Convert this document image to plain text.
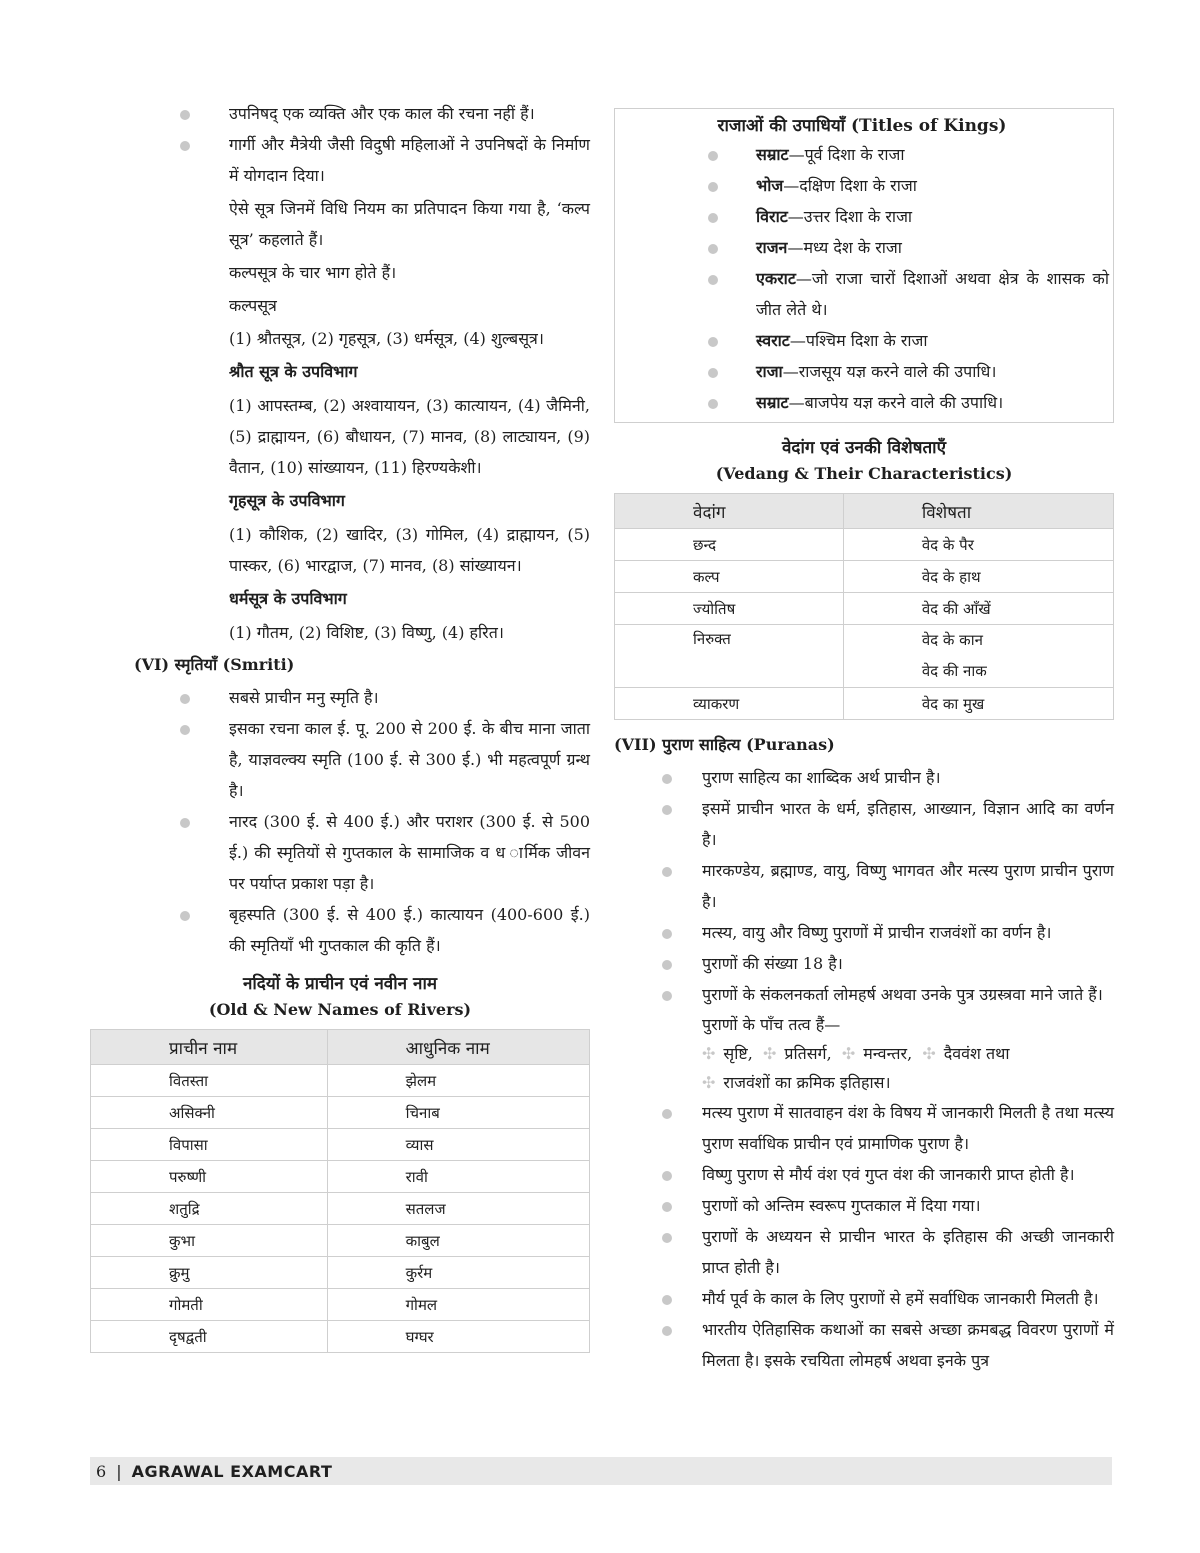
उपनिषद् एक व्यक्ति और एक काल की रचना नहीं हैं।
गार्गी और मैत्रेयी जैसी विदुषी महिलाओं ने उपनिषदों के निर्माण में योगदान दिया।

ऐसे सूत्र जिनमें विधि नियम का प्रतिपादन किया गया है, ‘कल्प सूत्र’ कहलाते हैं।

कल्पसूत्र के चार भाग होते हैं।

कल्पसूत्र

(1) श्रौतसूत्र, (2) गृहसूत्र, (3) धर्मसूत्र, (4) शुल्बसूत्र।

श्रौत सूत्र के उपविभाग

(1) आपस्तम्ब, (2) अश्वायायन, (3) कात्यायन, (4) जैमिनी, (5) द्राह्मायन, (6) बौधायन, (7) मानव, (8) लाट्यायन, (9) वैतान, (10) सांख्यायन, (11) हिरण्यकेशी।

गृहसूत्र के उपविभाग

(1) कौशिक, (2) खादिर, (3) गोमिल, (4) द्राह्मायन, (5) पास्कर, (6) भारद्वाज, (7) मानव, (8) सांख्यायन।

धर्मसूत्र के उपविभाग

(1) गौतम, (2) विशिष्ट, (3) विष्णु, (4) हरित।

(VI) स्मृतियाँ (Smriti)
सबसे प्राचीन मनु स्मृति है।
इसका रचना काल ई. पू. 200 से 200 ई. के बीच माना जाता है, याज्ञवल्क्य स्मृति (100 ई. से 300 ई.) भी महत्वपूर्ण ग्रन्थ है।
नारद (300 ई. से 400 ई.) और पराशर (300 ई. से 500 ई.) की स्मृतियों से गुप्तकाल के सामाजिक व ध ार्मिक जीवन पर पर्याप्त प्रकाश पड़ा है।
बृहस्पति (300 ई. से 400 ई.) कात्यायन (400-600 ई.) की स्मृतियाँ भी गुप्तकाल की कृति हैं।
नदियों के प्राचीन एवं नवीन नाम
(Old & New Names of Rivers)
प्राचीन नाम	आधुनिक नाम
वितस्ता	झेलम
असिक्नी	चिनाब
विपासा	व्यास
परुष्णी	रावी
शतुद्रि	सतलज
कुभा	काबुल
क्रुमु	कुर्रम
गोमती	गोमल
दृषद्वती	घग्घर
राजाओं की उपाधियाँ (Titles of Kings)
सम्राट—पूर्व दिशा के राजा
भोज—दक्षिण दिशा के राजा
विराट—उत्तर दिशा के राजा
राजन—मध्य देश के राजा
एकराट—जो राजा चारों दिशाओं अथवा क्षेत्र के शासक को जीत लेते थे।
स्वराट—पश्चिम दिशा के राजा
राजा—राजसूय यज्ञ करने वाले की उपाधि।
सम्राट—बाजपेय यज्ञ करने वाले की उपाधि।
वेदांग एवं उनकी विशेषताएँ
(Vedang & Their Characteristics)
वेदांग	विशेषता
छन्द	वेद के पैर
कल्प	वेद के हाथ
ज्योतिष	वेद की आँखें
निरुक्त	वेद के कान
वेद की नाक

व्याकरण	वेद का मुख
(VII) पुराण साहित्य (Puranas)
पुराण साहित्य का शाब्दिक अर्थ प्राचीन है।
इसमें प्राचीन भारत के धर्म, इतिहास, आख्यान, विज्ञान आदि का वर्णन है।
मारकण्डेय, ब्रह्माण्ड, वायु, विष्णु भागवत और मत्स्य पुराण प्राचीन पुराण है।
मत्स्य, वायु और विष्णु पुराणों में प्राचीन राजवंशों का वर्णन है।
पुराणों की संख्या 18 है।
पुराणों के संकलनकर्ता लोमहर्ष अथवा उनके पुत्र उग्रस्त्रवा माने जाते हैं।
पुराणों के पाँच तत्व हैं—
✣ सृष्टि, ✣ प्रतिसर्ग, ✣ मन्वन्तर, ✣ दैववंश तथा
✣ राजवंशों का क्रमिक इतिहास।
मत्स्य पुराण में सातवाहन वंश के विषय में जानकारी मिलती है तथा मत्स्य पुराण सर्वाधिक प्राचीन एवं प्रामाणिक पुराण है।
विष्णु पुराण से मौर्य वंश एवं गुप्त वंश की जानकारी प्राप्त होती है।
पुराणों को अन्तिम स्वरूप गुप्तकाल में दिया गया।
पुराणों के अध्ययन से प्राचीन भारत के इतिहास की अच्छी जानकारी प्राप्त होती है।
मौर्य पूर्व के काल के लिए पुराणों से हमें सर्वाधिक जानकारी मिलती है।
भारतीय ऐतिहासिक कथाओं का सबसे अच्छा क्रमबद्ध विवरण पुराणों में मिलता है। इसके रचयिता लोमहर्ष अथवा इनके पुत्र
6 | AGRAWAL EXAMCART
